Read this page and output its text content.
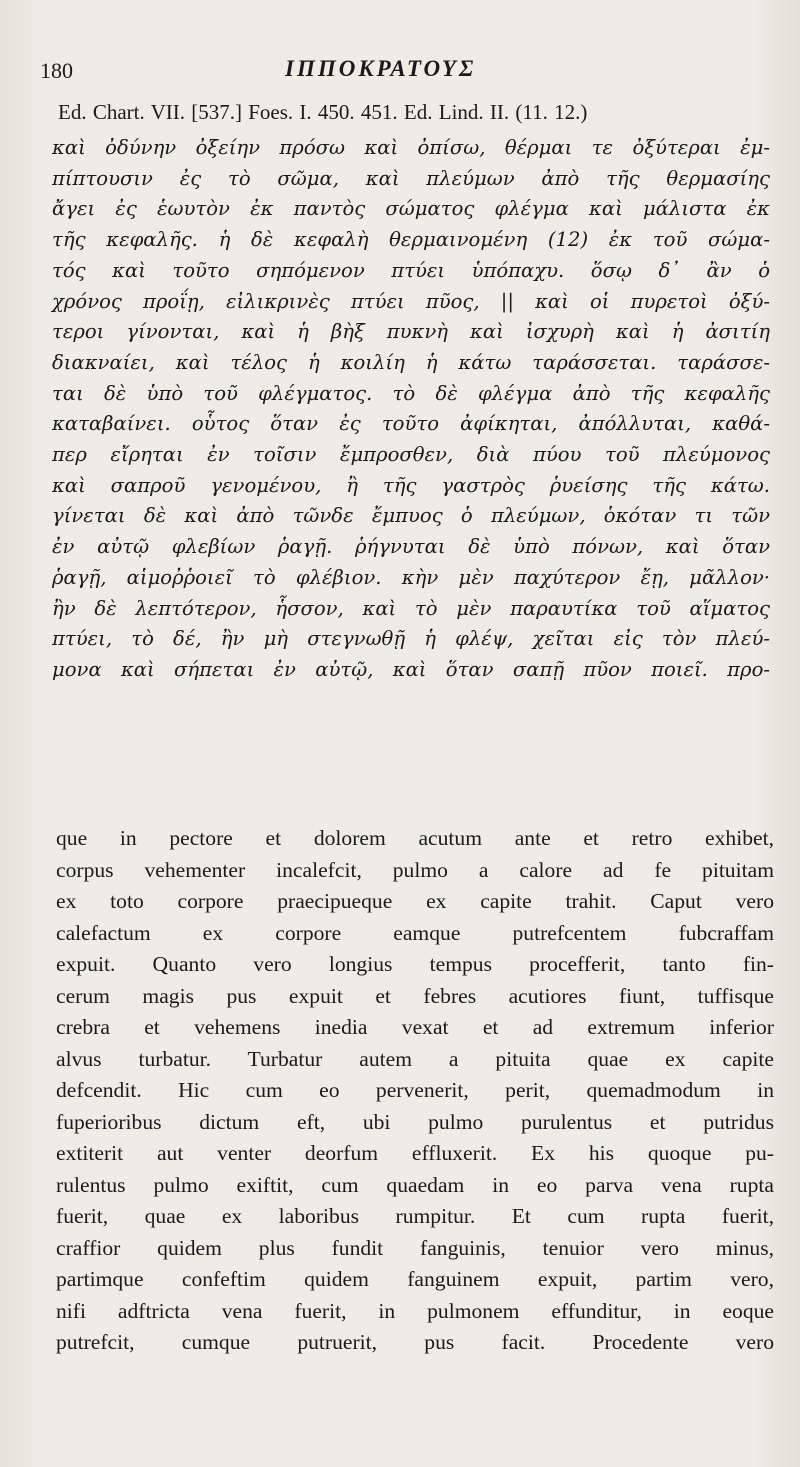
180	ΙΠΠΟΚΡΑΤΟΥΣ
Ed. Chart. VII. [537.] Foes. I. 450. 451. Ed. Lind. II. (11. 12.)
καὶ ὀδύνην ὀξείην πρόσω καὶ ὀπίσω, θέρμαι τε ὀξύτεραι ἐμ-
πίπτουσιν ἐς τὸ σῶμα, καὶ πλεύμων ἀπὸ τῆς θερμασίης
ἄγει ἐς ἑωυτὸν ἐκ παντὸς σώματος φλέγμα καὶ μάλιστα ἐκ
τῆς κεφαλῆς. ἡ δὲ κεφαλὴ θερμαινομένη (12) ἐκ τοῦ σώμα-
τός καὶ τοῦτο σηπόμενον πτύει ὑπόπαχυ. ὅσῳ δ᾽ ἂν ὁ
χρόνος προΐῃ, εἰλικρινὲς πτύει πῦος, || καὶ οἱ πυρετοὶ ὀξύ-
τεροι γίνονται, καὶ ἡ βὴξ πυκνὴ καὶ ἰσχυρὴ καὶ ἡ ἀσιτίη
διακναίει, καὶ τέλος ἡ κοιλίη ἡ κάτω ταράσσεται. ταράσσε-
ται δὲ ὑπὸ τοῦ φλέγματος. τὸ δὲ φλέγμα ἀπὸ τῆς κεφαλῆς
καταβαίνει. οὗτος ὅταν ἐς τοῦτο ἀφίκηται, ἀπόλλυται, καθά-
περ εἴρηται ἐν τοῖσιν ἔμπροσθεν, διὰ πύου τοῦ πλεύμονος
καὶ σαπροῦ γενομένου, ἢ τῆς γαστρὸς ῥυείσης τῆς κάτω.
γίνεται δὲ καὶ ἀπὸ τῶνδε ἔμπυος ὁ πλεύμων, ὁκόταν τι τῶν
ἐν αὐτῷ φλεβίων ῥαγῇ. ῥήγνυται δὲ ὑπὸ πόνων, καὶ ὅταν
ῥαγῇ, αἱμοῤῥοιεῖ τὸ φλέβιον. κὴν μὲν παχύτερον ἔῃ, μᾶλλον·
ἢν δὲ λεπτότερον, ἧσσον, καὶ τὸ μὲν παραυτίκα τοῦ αἵματος
πτύει, τὸ δέ, ἢν μὴ στεγνωθῇ ἡ φλέψ, χεῖται εἰς τὸν πλεύ-
μονα καὶ σήπεται ἐν αὐτῷ, καὶ ὅταν σαπῇ πῦον ποιεῖ. προ-
que in pectore et dolorem acutum ante et retro exhibet,
corpus vehementer incalefcit, pulmo a calore ad fe pituitam
ex toto corpore praecipueque ex capite trahit. Caput vero
calefactum ex corpore eamque putrefcentem fubcraffam
expuit. Quanto vero longius tempus procefferit, tanto fin-
cerum magis pus expuit et febres acutiores fiunt, tuffisque
crebra et vehemens inedia vexat et ad extremum inferior
alvus turbatur. Turbatur autem a pituita quae ex capite
defcendit. Hic cum eo pervenerit, perit, quemadmodum in
fuperioribus dictum eft, ubi pulmo purulentus et putridus
extiterit aut venter deorfum effluxerit. Ex his quoque pu-
rulentus pulmo exiftit, cum quaedam in eo parva vena rupta
fuerit, quae ex laboribus rumpitur. Et cum rupta fuerit,
craffior quidem plus fundit fanguinis, tenuior vero minus,
partimque confeftim quidem fanguinem expuit, partim vero,
nifi adftricta vena fuerit, in pulmonem effunditur, in eoque
putrefcit, cumque putruerit, pus facit. Procedente vero
